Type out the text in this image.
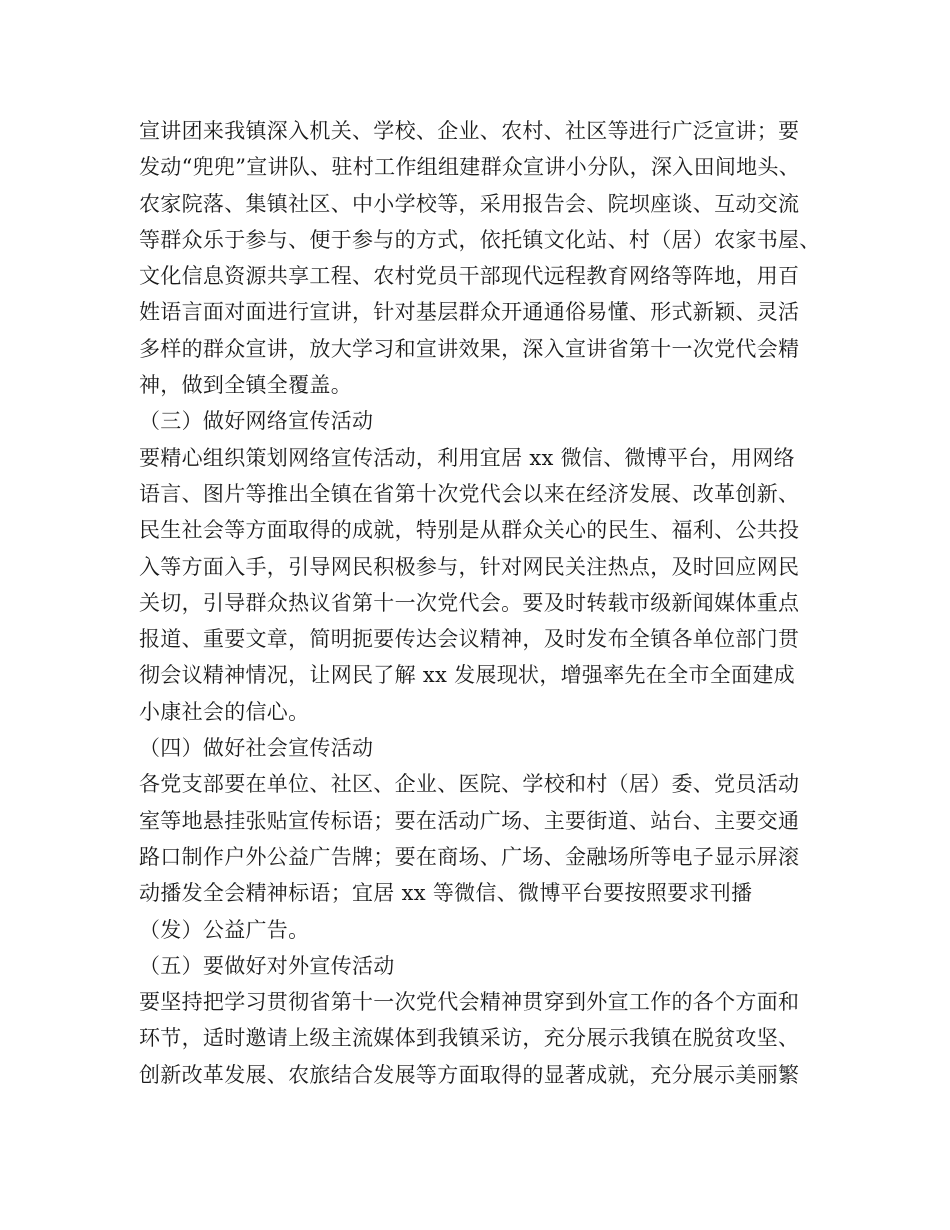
宣讲团来我镇深入机关、学校、企业、农村、社区等进行广泛宣讲；要
发动“兜兜”宣讲队、驻村工作组组建群众宣讲小分队，深入田间地头、
农家院落、集镇社区、中小学校等，采用报告会、院坝座谈、互动交流
等群众乐于参与、便于参与的方式，依托镇文化站、村（居）农家书屋、
文化信息资源共享工程、农村党员干部现代远程教育网络等阵地，用百
姓语言面对面进行宣讲，针对基层群众开通通俗易懂、形式新颖、灵活
多样的群众宣讲，放大学习和宣讲效果，深入宣讲省第十一次党代会精
神，做到全镇全覆盖。
（三）做好网络宣传活动
要精心组织策划网络宣传活动，利用宜居 xx 微信、微博平台，用网络
语言、图片等推出全镇在省第十次党代会以来在经济发展、改革创新、
民生社会等方面取得的成就，特别是从群众关心的民生、福利、公共投
入等方面入手，引导网民积极参与，针对网民关注热点，及时回应网民
关切，引导群众热议省第十一次党代会。要及时转载市级新闻媒体重点
报道、重要文章，简明扼要传达会议精神，及时发布全镇各单位部门贯
彻会议精神情况，让网民了解 xx 发展现状，增强率先在全市全面建成
小康社会的信心。
（四）做好社会宣传活动
各党支部要在单位、社区、企业、医院、学校和村（居）委、党员活动
室等地悬挂张贴宣传标语；要在活动广场、主要街道、站台、主要交通
路口制作户外公益广告牌；要在商场、广场、金融场所等电子显示屏滚
动播发全会精神标语；宜居 xx 等微信、微博平台要按照要求刊播
（发）公益广告。
（五）要做好对外宣传活动
要坚持把学习贯彻省第十一次党代会精神贯穿到外宣工作的各个方面和
环节，适时邀请上级主流媒体到我镇采访，充分展示我镇在脱贫攻坚、
创新改革发展、农旅结合发展等方面取得的显著成就，充分展示美丽繁
